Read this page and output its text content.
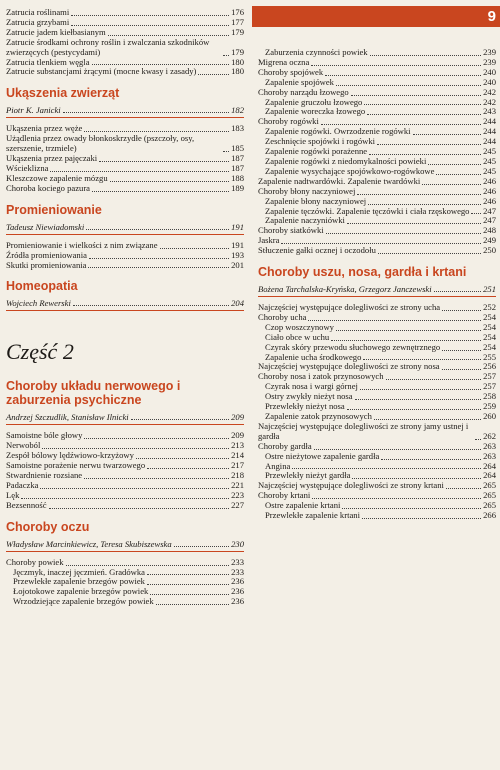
9
Zatrucia roślinami	176
Zatrucia grzybami	177
Zatrucie jadem kiełbasianym	179
Zatrucie środkami ochrony roślin i zwalczania szkodników zwierzęcych (pestycydami)	179
Zatrucia tlenkiem węgla	180
Zatrucie substancjami żrącymi (mocne kwasy i zasady)	180
Ukąszenia zwierząt
Piotr K. Janicki	182
Ukąszenia przez węże	183
Użądlenia przez owady błonkoskrzydłe (pszczoły, osy, szerszenie, trzmiele)	185
Ukąszenia przez pajęczaki	187
Wścieklizna	187
Kleszczowe zapalenie mózgu	188
Choroba kociego pazura	189
Promieniowanie
Tadeusz Niewiadomski	191
Promieniowanie i wielkości z nim związane	191
Źródła promieniowania	193
Skutki promieniowania	201
Homeopatia
Wojciech Rewerski	204
Część 2
Choroby układu nerwowego i zaburzenia psychiczne
Andrzej Szczudlik, Stanisław Ilnicki	209
Samoistne bóle głowy	209
Nerwoból	213
Zespół bólowy lędźwiowo-krzyżowy	214
Samoistne porażenie nerwu twarzowego	217
Stwardnienie rozsiane	218
Padaczka	221
Lęk	223
Bezsenność	227
Choroby oczu
Władysław Marcinkiewicz, Teresa Skubiszewska	230
Choroby powiek	233
Jęczmyk, inaczej jęczmień. Gradówka	233
Przewlekłe zapalenie brzegów powiek	236
Łojotokowe zapalenie brzegów powiek	236
Wrzodziejące zapalenie brzegów powiek	236
Zaburzenia czynności powiek	239
Migrena oczna	239
Choroby spojówek	240
Zapalenie spojówek	240
Choroby narządu łzowego	242
Zapalenie gruczołu łzowego	242
Zapalenie woreczka łzowego	243
Choroby rogówki	244
Zapalenie rogówki. Owrzodzenie rogówki	244
Zeschnięcie spojówki i rogówki	244
Zapalenie rogówki porażenne	245
Zapalenie rogówki z niedomykalności powieki	245
Zapalenie wysychające spojówkowo-rogówkowe	245
Zapalenie nadtwardówki. Zapalenie twardówki	246
Choroby błony naczyniowej	246
Zapalenie błony naczyniowej	246
Zapalenie tęczówki. Zapalenie tęczówki i ciała rzęskowego 247
Zapalenie naczyniówki	247
Choroby siatkówki	248
Jaskra	249
Stłuczenie gałki ocznej i oczodołu	250
Choroby uszu, nosa, gardła i krtani
Bożena Tarchalska-Kryńska, Grzegorz Janczewski	251
Najczęściej występujące dolegliwości ze strony ucha	252
Choroby ucha	254
Czop woszczynowy	254
Ciało obce w uchu	254
Czyrak skóry przewodu słuchowego zewnętrznego	254
Zapalenie ucha środkowego	255
Najczęściej występujące dolegliwości ze strony nosa	256
Choroby nosa i zatok przynosowych	257
Czyrak nosa i wargi górnej	257
Ostry zwykły nieżyt nosa	258
Przewlekły nieżyt nosa	259
Zapalenie zatok przynosowych	260
Najczęściej występujące dolegliwości ze strony jamy ustnej i gardła	262
Choroby gardła	263
Ostre nieżytowe zapalenie gardła	263
Angina	264
Przewlekły nieżyt gardła	264
Najczęściej występujące dolegliwości ze strony krtani	265
Choroby krtani	265
Ostre zapalenie krtani	265
Przewlekłe zapalenie krtani	266
